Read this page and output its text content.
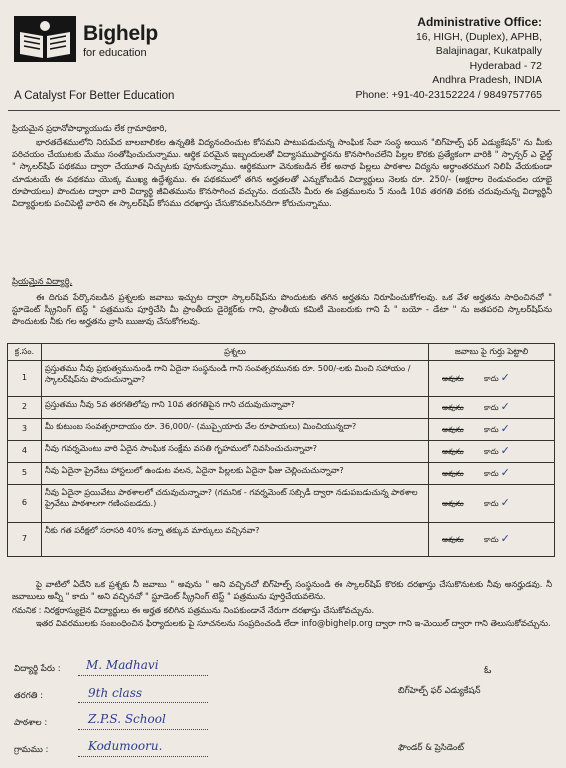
Bighelp
for education
A Catalyst For Better Education
Administrative Office:
16, HIGH, (Duplex), APHB,
Balajinagar, Kukatpally
Hyderabad - 72
Andhra Pradesh, INDIA
Phone: +91-40-23152224 / 9849757765
ప్రియమైన ప్రధానోపాధ్యాయుడు లేక గ్రామాధికారి,
భారతదేశములోని నిరుపేద బాలబాలికల ఉన్నతికి విద్యనందించుట కోసమని పాటుపడుచున్న సాంఘిక సేవా సంస్థ అయిన "బిగ్‌హెల్ప్ ఫర్ ఎడ్యుకేషన్" ను మీకు పరిచయం చేయుటకు మేము సంతోషించుచున్నాము. ఆర్థిక పరమైన ఇబ్బందులతో విద్యాసముపార్జనను కొనసాగించలేని పిల్లల కొరకు ప్రత్యేకంగా వారికి " స్పాన్సర్ ఎ ఛైల్డ్ " స్కాలర్‌షిప్ పథకము ద్వారా చేయూత నిచ్చుటకు పూనుకున్నాము. ఆర్థికముగా వెనుకబడిన లేక అనాథ పిల్లలు పాఠశాల విద్యను అర్థాంతరముగ నిలిపి వేయకుండా చూడుటయే ఈ పథకము యొక్క ముఖ్య ఉద్దేశ్యము. ఈ పథకములో తగిన అర్హతలతో ఎన్నుకోబడిన విద్యార్థులు నెలకు రూ. 250/- (అక్షరాల రెండువందల యాభై రూపాయలు) పొందుట ద్వారా వారి విద్యార్థి జీవితమును కొనసాగించ వచ్చును. దయచేసి మీరు ఈ పత్రములను 5 నుండి 10వ తరగతి వరకు చదువుచున్న విద్యార్థినీ విద్యార్థులకు పంచిపెట్టి వారిని ఈ స్కాలర్‌షిప్ కోసము దరఖాస్తు చేసుకొనవలసినదిగా కోరుచున్నాము.
ప్రియమైన విద్యార్థి,
ఈ దిగువ పేర్కొనబడిన ప్రశ్నలకు జవాబు ఇచ్చుట ద్వారా స్కాలర్‌షిప్‌ను పొందుటకు తగిన అర్హతను నిరూపించుకోగలవు. ఒక వేళ అర్హతను సాధించినచో " స్టూడెంట్ స్క్రీనింగ్ టెస్ట్ " పత్రమును పూర్తిచేసి మీ ప్రాంతీయ డైరెక్టర్‌కు గాని, ప్రాంతీయ కమిటీ మెంబరుకు గాని పే " బయో - డేటా " ను జతపరచి స్కాలర్‌షిప్‌ను పొందుటకు నీకు గల అర్హతను వ్రాసి ఋజువు చేసుకోగలవు.
క్ర.సం.	ప్రశ్నలు	జవాబు పై గుర్తు పెట్టాలి
1	ప్రస్తుతము నీవు ప్రభుత్వమునుండి గాని ఏదైనా సంస్థనుండి గాని సంవత్సరమునకు రూ. 500/-లకు మించి సహాయం / స్కాలర్‌షిప్‌ను పొందుచున్నావా?	అవును కాదు ✓
2	ప్రస్తుతము నీవు 5వ తరగతిలోపు గాని 10వ తరగతిపైన గాని చదువుచున్నావా?	అవును కాదు ✓
3	మీ కుటుంబ సంవత్సరాదాయం రూ. 36,000/- (ముప్పైయారు వేల రూపాయలు) మించియున్నదా?	అవును కాదు ✓
4	నీవు గవర్నమెంటు వారి ఏదైన సాంఘిక సంక్షేమ వసతి గృహములో నివసించుచున్నావా?	అవును కాదు ✓
5	నీవు ఏదైనా ప్రైవేటు హాస్టలులో ఉండుట వలన, ఏదైనా పిల్లలకు ఏదైనా ఫీజు చెల్లించుచున్నావా?	అవును కాదు ✓
6	నీవు ఏదైనా ప్రయివేటు పాఠశాలలో చదువుచున్నావా? (గమనిక - గవర్నమెంట్ సబ్సిడీ ద్వారా నడుపబడుచున్న పాఠశాల ప్రైవేటు పాఠశాలగా గణింపబడదు.)	అవును కాదు ✓
7	నీకు గత పరీక్షలో సరాసరి 40% కన్నా తక్కువ మార్కులు వచ్చినవా?	అవును కాదు ✓
పై వాటిలో ఏదేని ఒక ప్రశ్నకు నీ జవాబు " అవును " అని వచ్చినచో బిగ్‌హెల్ప్ సంస్థనుండి ఈ స్కాలర్‌షిప్ కొరకు దరఖాస్తు చేసుకొనుటకు నీవు అనర్హుడవు. నీ జవాబులు అన్నీ " కాదు " అని వచ్చినచో " స్టూడెంట్ స్క్రీనింగ్ టెస్ట్ " పత్రమును పూర్తిచేయవలెను.
గమనిక : నిరక్షరాస్యులైన విద్యార్థులు ఈ అర్హత కలిగిన పత్రమును నింపకుండానే నేరుగా దరఖాస్తు చేసుకోవచ్చును.
ఇతర వివరములకు సంబంధించిన ఫిర్యాదులకు పై సూచనలను సంప్రదించండి లేదా info@bighelp.org ద్వారా గాని ఇ-మెయిల్ ద్వారా గాని తెలుసుకోవచ్చును.
విద్యార్థి పేరు : M. Madhavi
తరగతి :	9th class
పాఠశాల :	Z.P.S. School
గ్రామము :	Kodumooru.
ఓ
బిగ్‌హెల్ప్ ఫర్ ఎడ్యుకేషన్
ఫౌండర్ & ప్రెసిడెంట్
